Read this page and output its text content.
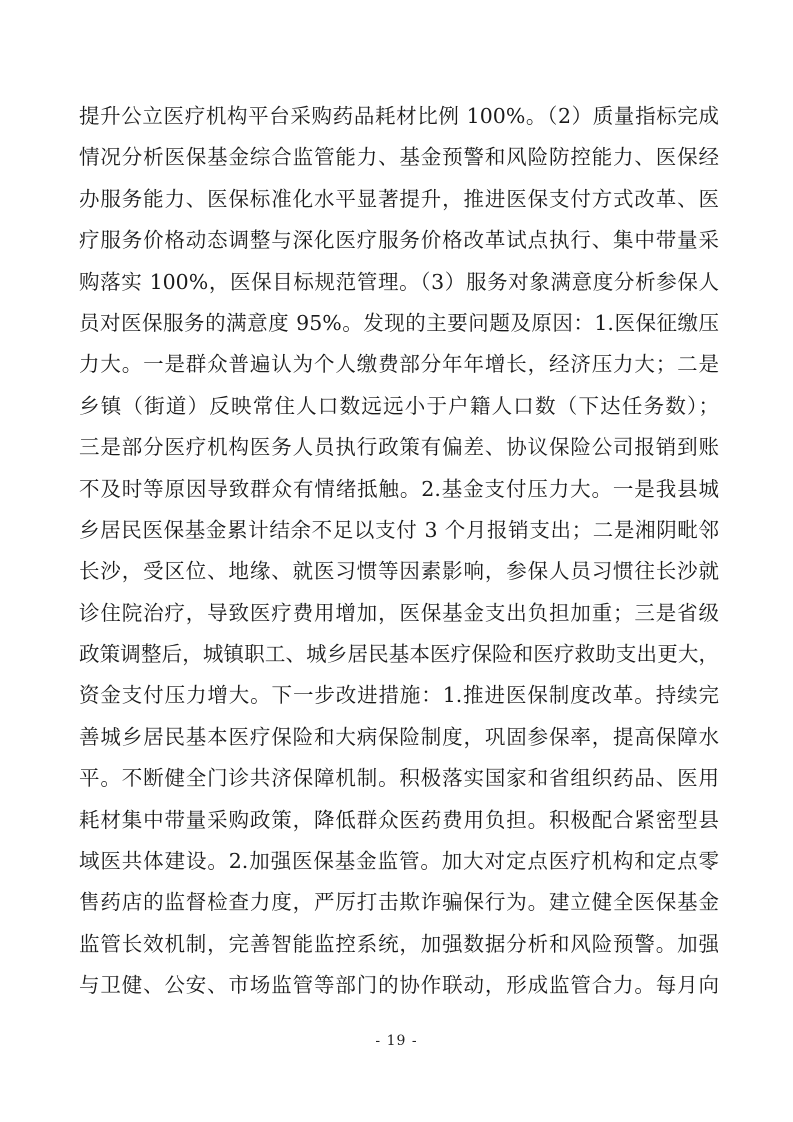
提升公立医疗机构平台采购药品耗材比例 100%。（2）质量指标完成
情况分析医保基金综合监管能力、基金预警和风险防控能力、医保经
办服务能力、医保标准化水平显著提升，推进医保支付方式改革、医
疗服务价格动态调整与深化医疗服务价格改革试点执行、集中带量采
购落实 100%，医保目标规范管理。（3）服务对象满意度分析参保人
员对医保服务的满意度 95%。发现的主要问题及原因：1.医保征缴压
力大。一是群众普遍认为个人缴费部分年年增长，经济压力大；二是
乡镇（街道）反映常住人口数远远小于户籍人口数（下达任务数）；
三是部分医疗机构医务人员执行政策有偏差、协议保险公司报销到账
不及时等原因导致群众有情绪抵触。2.基金支付压力大。一是我县城
乡居民医保基金累计结余不足以支付 3 个月报销支出；二是湘阴毗邻
长沙，受区位、地缘、就医习惯等因素影响，参保人员习惯往长沙就
诊住院治疗，导致医疗费用增加，医保基金支出负担加重；三是省级
政策调整后，城镇职工、城乡居民基本医疗保险和医疗救助支出更大，
资金支付压力增大。下一步改进措施：1.推进医保制度改革。持续完
善城乡居民基本医疗保险和大病保险制度，巩固参保率，提高保障水
平。不断健全门诊共济保障机制。积极落实国家和省组织药品、医用
耗材集中带量采购政策，降低群众医药费用负担。积极配合紧密型县
域医共体建设。2.加强医保基金监管。加大对定点医疗机构和定点零
售药店的监督检查力度，严厉打击欺诈骗保行为。建立健全医保基金
监管长效机制，完善智能监控系统，加强数据分析和风险预警。加强
与卫健、公安、市场监管等部门的协作联动，形成监管合力。每月向
- 19 -
